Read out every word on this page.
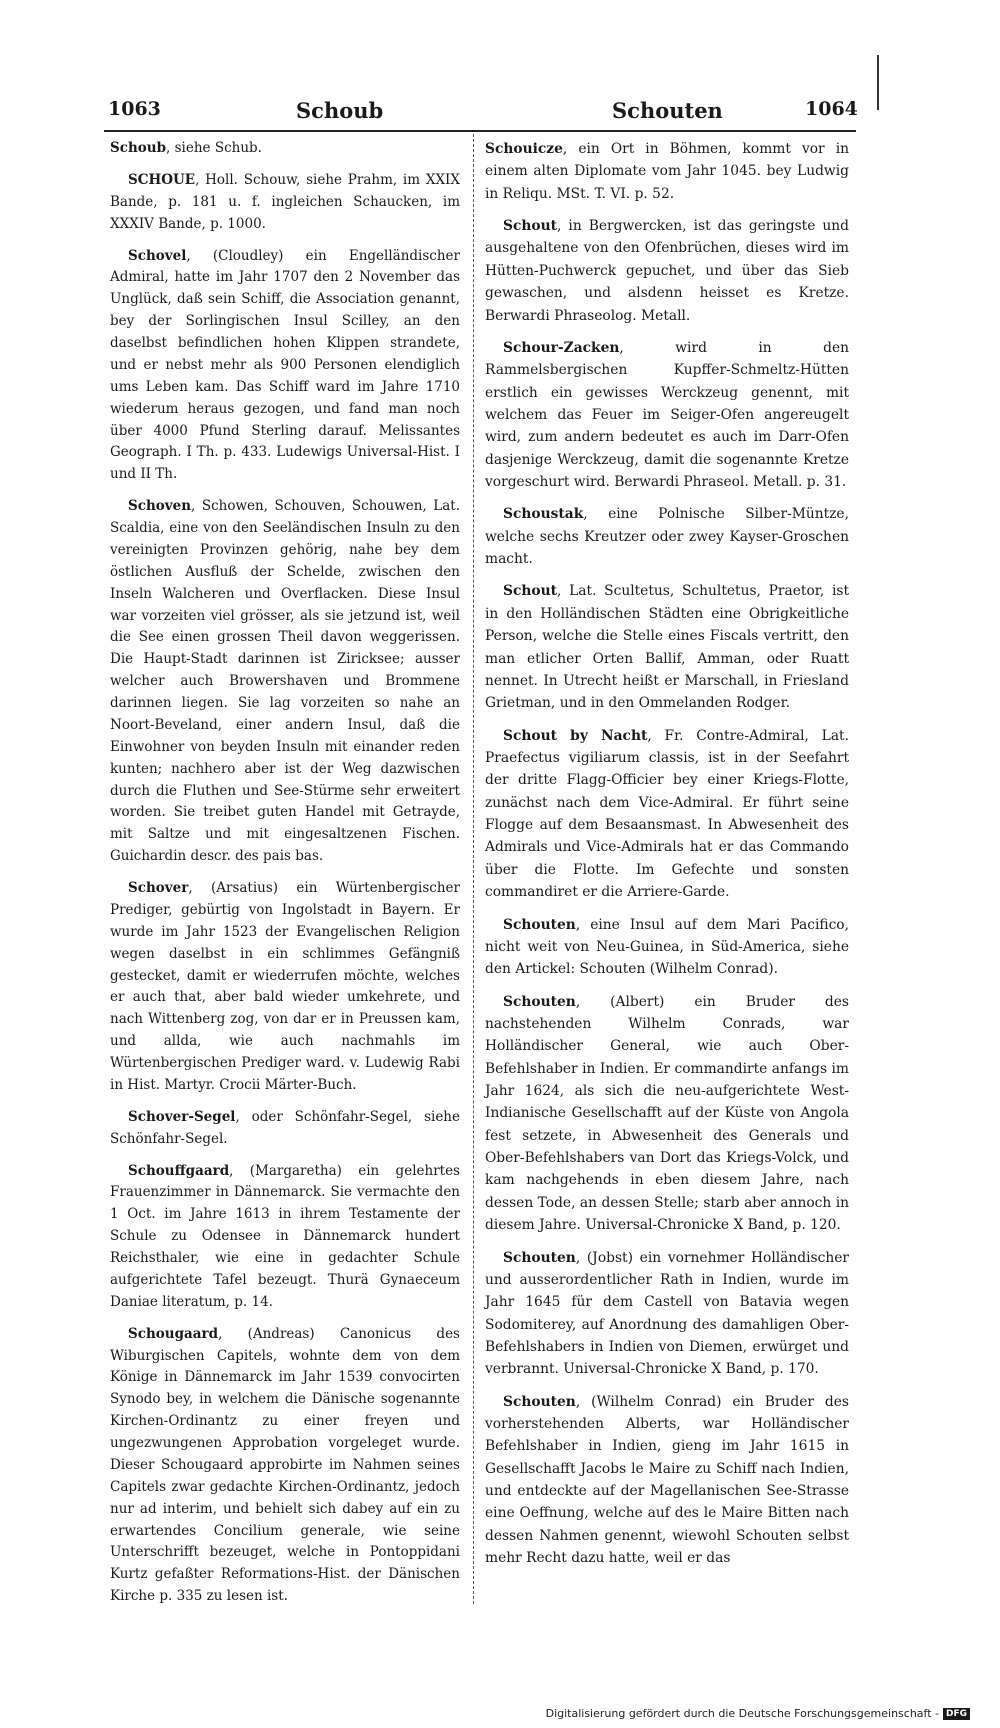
1063	Schoub	Schouten	1064

Schoub, siehe Schub.

SCHOUE, Holl. Schouw, siehe Prahm, im XXIX Bande, p. 181 u. f. ingleichen Schaucken, im XXXIV Bande, p. 1000.

Schovel, (Cloudley) ein Engelländischer Admiral, hatte im Jahr 1707 den 2 November das Unglück, daß sein Schiff, die Association genannt, bey der Sorlingischen Insul Scilley, an den daselbst befindlichen hohen Klippen strandete, und er nebst mehr als 900 Personen elendiglich ums Leben kam. Das Schiff ward im Jahre 1710 wiederum heraus gezogen, und fand man noch über 4000 Pfund Sterling darauf. Melissantes Geograph. I Th. p. 433. Ludewigs Universal-Hist. I und II Th.

Schoven, Schowen, Schouven, Schouwen, Lat. Scaldia, eine von den Seeländischen Insuln zu den vereinigten Provinzen gehörig, nahe bey dem östlichen Ausfluß der Schelde, zwischen den Inseln Walcheren und Overflacken. Diese Insul war vorzeiten viel grösser, als sie jetzund ist, weil die See einen grossen Theil davon weggerissen. Die Haupt-Stadt darinnen ist Ziricksee; ausser welcher auch Browershaven und Brommene darinnen liegen. Sie lag vorzeiten so nahe an Noort-Beveland, einer andern Insul, daß die Einwohner von beyden Insuln mit einander reden kunten; nachhero aber ist der Weg dazwischen durch die Fluthen und See-Stürme sehr erweitert worden. Sie treibet guten Handel mit Getrayde, mit Saltze und mit eingesaltzenen Fischen. Guichardin descr. des pais bas.

Schover, (Arsatius) ein Würtenbergischer Prediger, gebürtig von Ingolstadt in Bayern. Er wurde im Jahr 1523 der Evangelischen Religion wegen daselbst in ein schlimmes Gefängniß gestecket, damit er wiederrufen möchte, welches er auch that, aber bald wieder umkehrete, und nach Wittenberg zog, von dar er in Preussen kam, und allda, wie auch nachmahls im Würtenbergischen Prediger ward. v. Ludewig Rabi in Hist. Martyr. Crocii Märter-Buch.

Schover-Segel, oder Schönfahr-Segel, siehe Schönfahr-Segel.

Schouffgaard, (Margaretha) ein gelehrtes Frauenzimmer in Dännemarck. Sie vermachte den 1 Oct. im Jahre 1613 in ihrem Testamente der Schule zu Odensee in Dännemarck hundert Reichsthaler, wie eine in gedachter Schule aufgerichtete Tafel bezeugt. Thurä Gynaeceum Daniae literatum, p. 14.

Schougaard, (Andreas) Canonicus des Wiburgischen Capitels, wohnte dem von dem Könige in Dännemarck im Jahr 1539 convocirten Synodo bey, in welchem die Dänische sogenannte Kirchen-Ordinantz zu einer freyen und ungezwungenen Approbation vorgeleget wurde. Dieser Schougaard approbirte im Nahmen seines Capitels zwar gedachte Kirchen-Ordinantz, jedoch nur ad interim, und behielt sich dabey auf ein zu erwartendes Concilium generale, wie seine Unterschrifft bezeuget, welche in Pontoppidani Kurtz gefaßter Reformations-Hist. der Dänischen Kirche p. 335 zu lesen ist.

Schouicze, ein Ort in Böhmen, kommt vor in einem alten Diplomate vom Jahr 1045. bey Ludwig in Reliqu. MSt. T. VI. p. 52.

Schout, in Bergwercken, ist das geringste und ausgehaltene von den Ofenbrüchen, dieses wird im Hütten-Puchwerck gepuchet, und über das Sieb gewaschen, und alsdenn heisset es Kretze. Berwardi Phraseolog. Metall.

Schour-Zacken, wird in den Rammelsbergischen Kupffer-Schmeltz-Hütten erstlich ein gewisses Werckzeug genennt, mit welchem das Feuer im Seiger-Ofen angereugelt wird, zum andern bedeutet es auch im Darr-Ofen dasjenige Werckzeug, damit die sogenannte Kretze vorgeschurt wird. Berwardi Phraseol. Metall. p. 31.

Schoustak, eine Polnische Silber-Müntze, welche sechs Kreutzer oder zwey Kayser-Groschen macht.

Schout, Lat. Scultetus, Schultetus, Praetor, ist in den Holländischen Städten eine Obrigkeitliche Person, welche die Stelle eines Fiscals vertritt, den man etlicher Orten Ballif, Amman, oder Ruatt nennet. In Utrecht heißt er Marschall, in Friesland Grietman, und in den Ommelanden Rodger.

Schout by Nacht, Fr. Contre-Admiral, Lat. Praefectus vigiliarum classis, ist in der Seefahrt der dritte Flagg-Officier bey einer Kriegs-Flotte, zunächst nach dem Vice-Admiral. Er führt seine Flogge auf dem Besaansmast. In Abwesenheit des Admirals und Vice-Admirals hat er das Commando über die Flotte. Im Gefechte und sonsten commandiret er die Arriere-Garde.

Schouten, eine Insul auf dem Mari Pacifico, nicht weit von Neu-Guinea, in Süd-America, siehe den Artickel: Schouten (Wilhelm Conrad).

Schouten, (Albert) ein Bruder des nachstehenden Wilhelm Conrads, war Holländischer General, wie auch Ober-Befehlshaber in Indien. Er commandirte anfangs im Jahr 1624, als sich die neu-aufgerichtete West-Indianische Gesellschafft auf der Küste von Angola fest setzete, in Abwesenheit des Generals und Ober-Befehlshabers van Dort das Kriegs-Volck, und kam nachgehends in eben diesem Jahre, nach dessen Tode, an dessen Stelle; starb aber annoch in diesem Jahre. Universal-Chronicke X Band, p. 120.

Schouten, (Jobst) ein vornehmer Holländischer und ausserordentlicher Rath in Indien, wurde im Jahr 1645 für dem Castell von Batavia wegen Sodomiterey, auf Anordnung des damahligen Ober-Befehlshabers in Indien von Diemen, erwürget und verbrannt. Universal-Chronicke X Band, p. 170.

Schouten, (Wilhelm Conrad) ein Bruder des vorherstehenden Alberts, war Holländischer Befehlshaber in Indien, gieng im Jahr 1615 in Gesellschafft Jacobs le Maire zu Schiff nach Indien, und entdeckte auf der Magellanischen See-Strasse eine Oeffnung, welche auf des le Maire Bitten nach dessen Nahmen genennt, wiewohl Schouten selbst mehr Recht dazu hatte, weil er das

Digitalisierung gefördert durch die Deutsche Forschungsgemeinschaft - DFG
